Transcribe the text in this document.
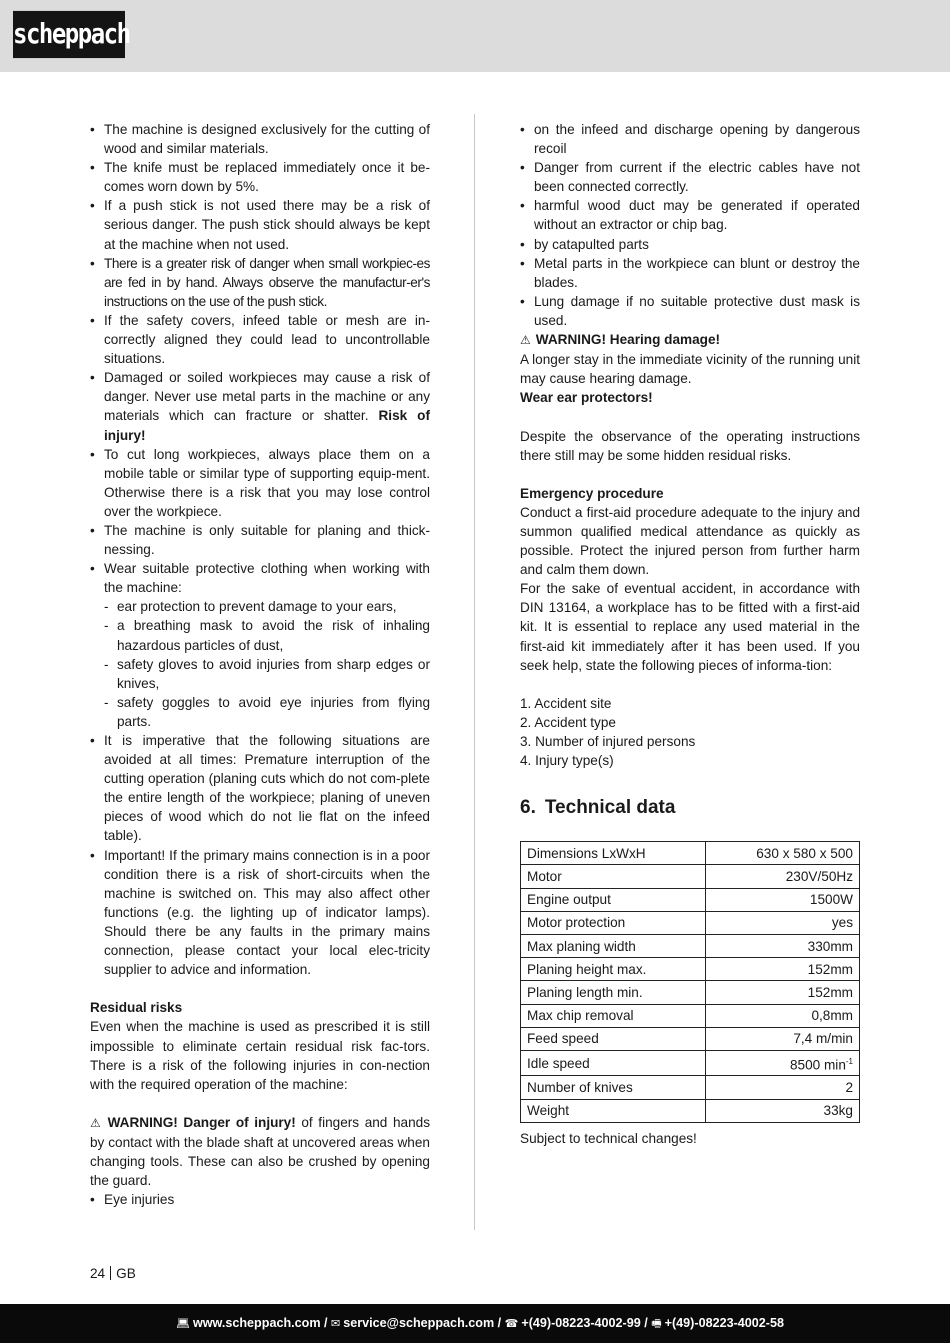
scheppach
• The machine is designed exclusively for the cutting of wood and similar materials.
• The knife must be replaced immediately once it be-comes worn down by 5%.
• If a push stick is not used there may be a risk of serious danger. The push stick should always be kept at the machine when not used.
• There is a greater risk of danger when small workpiec-es are fed in by hand. Always observe the manufactur-er's instructions on the use of the push stick.
• If the safety covers, infeed table or mesh are in-correctly aligned they could lead to uncontrollable situations.
• Damaged or soiled workpieces may cause a risk of danger. Never use metal parts in the machine or any materials which can fracture or shatter. Risk of injury!
• To cut long workpieces, always place them on a mobile table or similar type of supporting equip-ment. Otherwise there is a risk that you may lose control over the workpiece.
• The machine is only suitable for planing and thick-nessing.
• Wear suitable protective clothing when working with the machine:
- ear protection to prevent damage to your ears,
- a breathing mask to avoid the risk of inhaling hazardous particles of dust,
- safety gloves to avoid injuries from sharp edges or knives,
- safety goggles to avoid eye injuries from flying parts.
• It is imperative that the following situations are avoided at all times: Premature interruption of the cutting operation (planing cuts which do not com-plete the entire length of the workpiece; planing of uneven pieces of wood which do not lie flat on the infeed table).
• Important! If the primary mains connection is in a poor condition there is a risk of short-circuits when the machine is switched on. This may also affect other functions (e.g. the lighting up of indicator lamps). Should there be any faults in the primary mains connection, please contact your local elec-tricity supplier to advice and information.

Residual risks

Even when the machine is used as prescribed it is still impossible to eliminate certain residual risk fac-tors. There is a risk of the following injuries in con-nection with the required operation of the machine:

⚠ WARNING! Danger of injury! of fingers and hands by contact with the blade shaft at uncovered areas when changing tools. These can also be crushed by opening the guard.

• Eye injuries
• on the infeed and discharge opening by dangerous recoil
• Danger from current if the electric cables have not been connected correctly.
• harmful wood duct may be generated if operated without an extractor or chip bag.
• by catapulted parts
• Metal parts in the workpiece can blunt or destroy the blades.
• Lung damage if no suitable protective dust mask is used.

⚠ WARNING! Hearing damage!

A longer stay in the immediate vicinity of the running unit may cause hearing damage.

Wear ear protectors!

Despite the observance of the operating instructions there still may be some hidden residual risks.

Emergency procedure

Conduct a first-aid procedure adequate to the injury and summon qualified medical attendance as quickly as possible. Protect the injured person from further harm and calm them down.

For the sake of eventual accident, in accordance with DIN 13164, a workplace has to be fitted with a first-aid kit. It is essential to replace any used material in the first-aid kit immediately after it has been used. If you seek help, state the following pieces of informa-tion:

1. Accident site
2. Accident type
3. Number of injured persons
4. Injury type(s)
6. Technical data
Dimensions LxWxH	630 x 580 x 500
Motor	230V/50Hz
Engine output	1500W
Motor protection	yes
Max planing width	330mm
Planing height max.	152mm
Planing length min.	152mm
Max chip removal	0,8mm
Feed speed	7,4 m/min
Idle speed	8500 $\min^{-1}$
Number of knives	2
Weight	33kg

Subject to technical changes!

24 GB
💻︎ www.scheppach.com / ✉ service@scheppach.com / ☎ +(49)-08223-4002-99 / 🖷︎ +(49)-08223-4002-58
